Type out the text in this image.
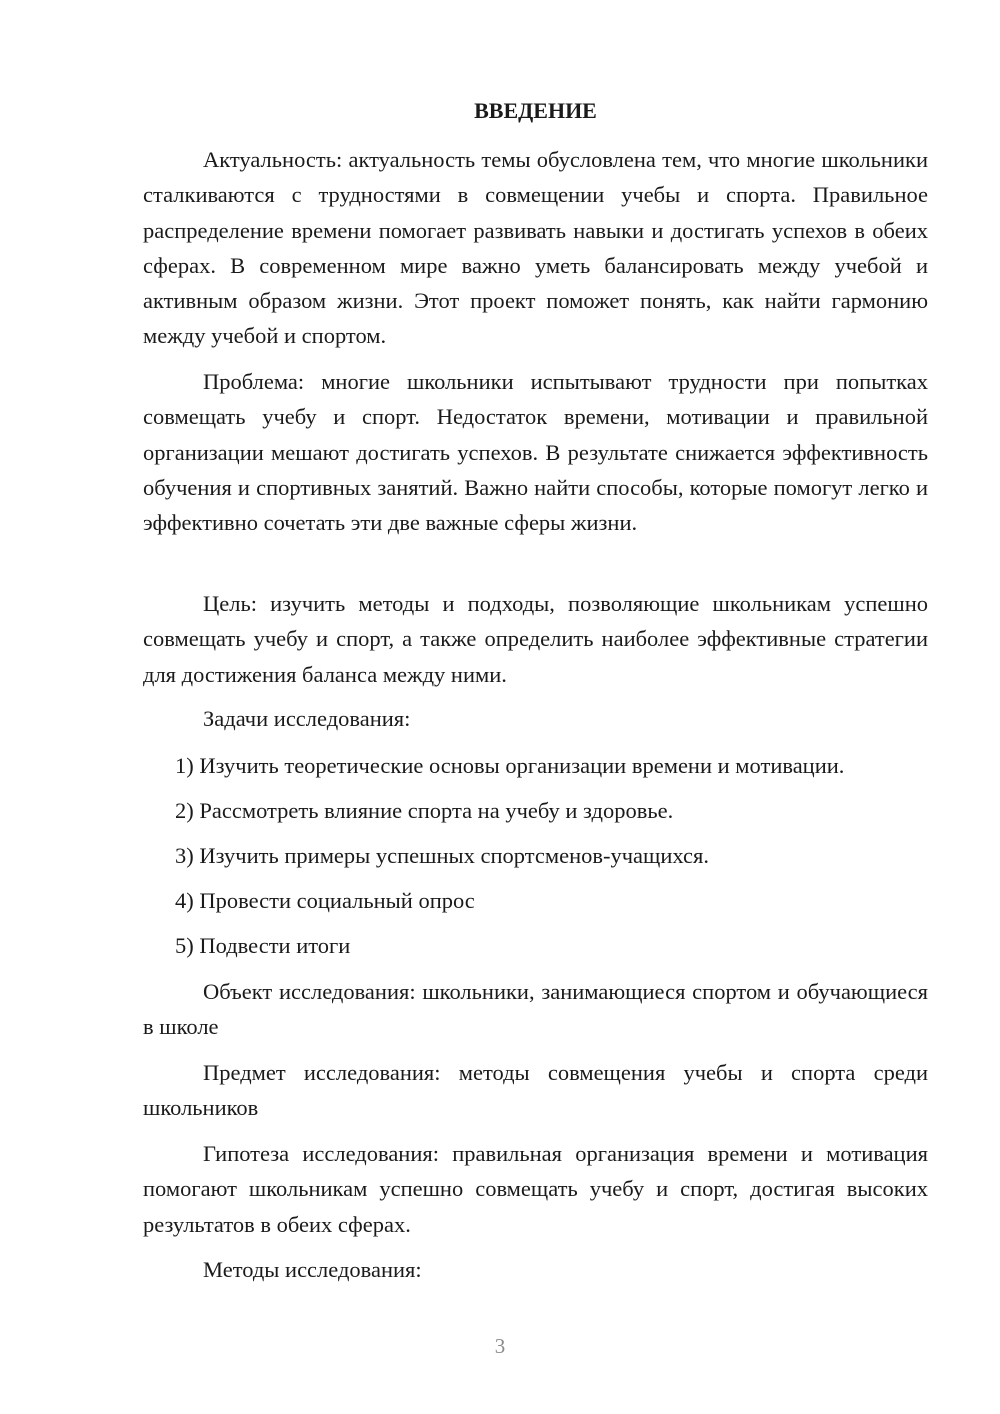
ВВЕДЕНИЕ

Актуальность: актуальность темы обусловлена тем, что многие школьники сталкиваются с трудностями в совмещении учебы и спорта. Правильное распределение времени помогает развивать навыки и достигать успехов в обеих сферах. В современном мире важно уметь балансировать между учебой и активным образом жизни. Этот проект поможет понять, как найти гармонию между учебой и спортом.

Проблема: многие школьники испытывают трудности при попытках совмещать учебу и спорт. Недостаток времени, мотивации и правильной организации мешают достигать успехов. В результате снижается эффективность обучения и спортивных занятий. Важно найти способы, которые помогут легко и эффективно сочетать эти две важные сферы жизни.

Цель: изучить методы и подходы, позволяющие школьникам успешно совмещать учебу и спорт, а также определить наиболее эффективные стратегии для достижения баланса между ними.

Задачи исследования:

1) Изучить теоретические основы организации времени и мотивации.

2) Рассмотреть влияние спорта на учебу и здоровье.

3) Изучить примеры успешных спортсменов-учащихся.

4) Провести социальный опрос

5) Подвести итоги

Объект исследования: школьники, занимающиеся спортом и обучающиеся в школе

Предмет исследования: методы совмещения учебы и спорта среди школьников

Гипотеза исследования: правильная организация времени и мотивация помогают школьникам успешно совмещать учебу и спорт, достигая высоких результатов в обеих сферах.

Методы исследования:

3
